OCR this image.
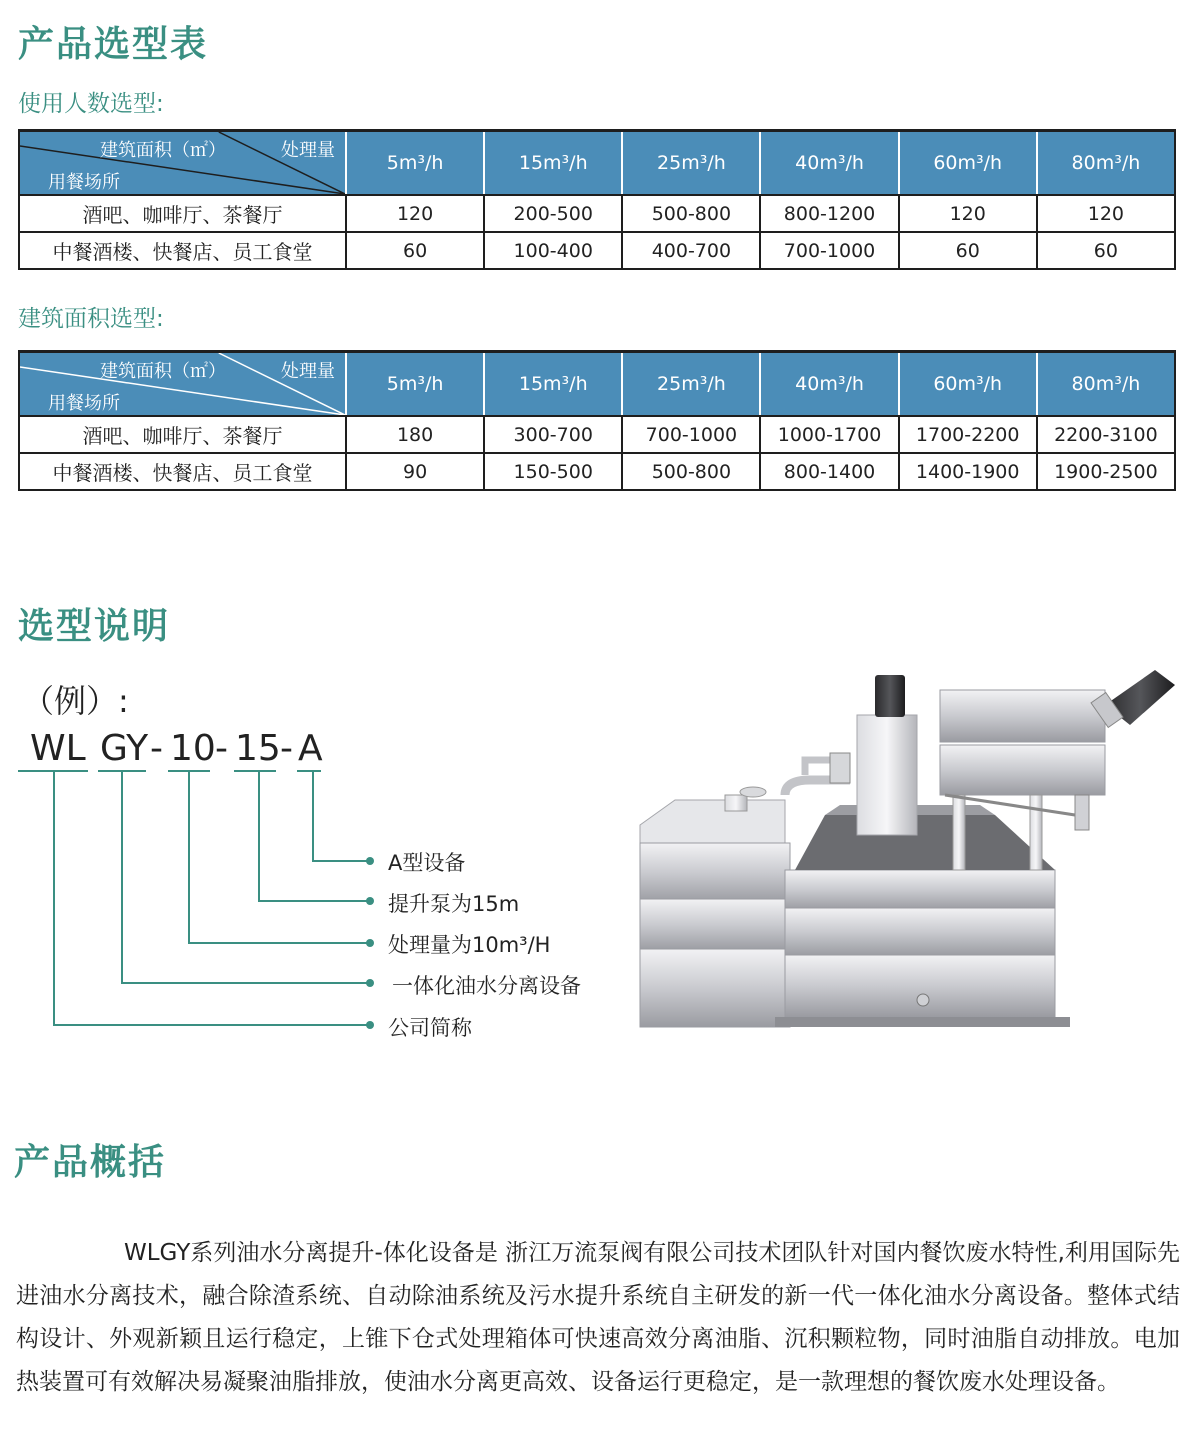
产品选型表
使用人数选型:
建筑面积（㎡） 处理量
用餐场所	5m³/h	15m³/h	25m³/h	40m³/h	60m³/h	80m³/h
酒吧、咖啡厅、茶餐厅	120	200-500	500-800	800-1200	120	120
中餐酒楼、快餐店、员工食堂	60	100-400	400-700	700-1000	60	60
建筑面积选型:
建筑面积（㎡） 处理量
用餐场所	5m³/h	15m³/h	25m³/h	40m³/h	60m³/h	80m³/h
酒吧、咖啡厅、茶餐厅	180	300-700	700-1000	1000-1700	1700-2200	2200-3100
中餐酒楼、快餐店、员工食堂	90	150-500	500-800	800-1400	1400-1900	1900-2500
选型说明
（例）:
WL GY - 10 - 15 - A
A型设备
提升泵为15m
处理量为10m³/H
一体化油水分离设备
公司简称
产品概括
WLGY系列油水分离提升-体化设备是 浙江万流泵阀有限公司技术团队针对国内餐饮废水特性,利用国际先进油水分离技术，融合除渣系统、自动除油系统及污水提升系统自主研发的新一代一体化油水分离设备。整体式结构设计、外观新颖且运行稳定，上锥下仓式处理箱体可快速高效分离油脂、沉积颗粒物，同时油脂自动排放。电加热装置可有效解决易凝聚油脂排放，使油水分离更高效、设备运行更稳定，是一款理想的餐饮废水处理设备。
